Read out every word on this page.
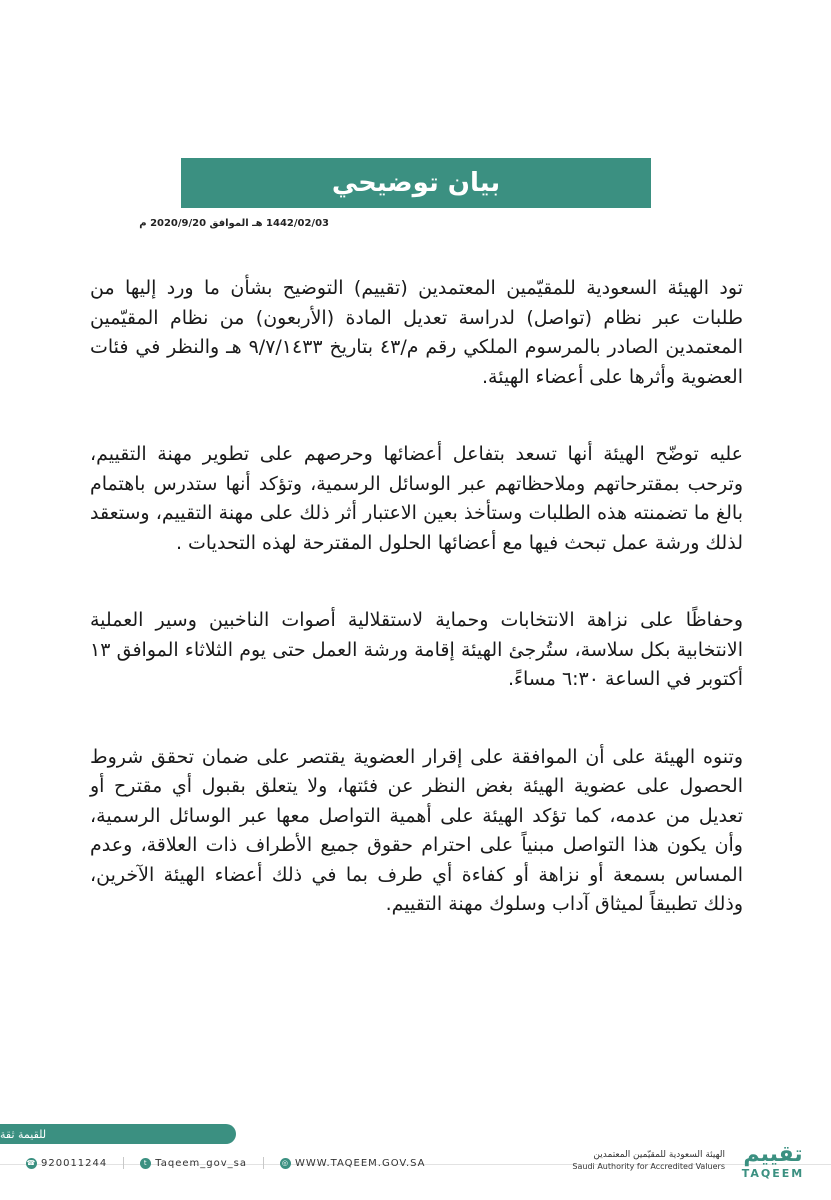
بيان توضيحي
1442/02/03 هـ الموافق 2020/9/20 م

تود الهيئة السعودية للمقيّمين المعتمدين (تقييم) التوضيح بشأن ما ورد إليها من طلبات عبر نظام (تواصل) لدراسة تعديل المادة (الأربعون) من نظام المقيّمين المعتمدين الصادر بالمرسوم الملكي رقم م/٤٣ بتاريخ ٩/٧/١٤٣٣ هـ والنظر في فئات العضوية وأثرها على أعضاء الهيئة.

عليه توضّح الهيئة أنها تسعد بتفاعل أعضائها وحرصهم على تطوير مهنة التقييم، وترحب بمقترحاتهم وملاحظاتهم عبر الوسائل الرسمية، وتؤكد أنها ستدرس باهتمام بالغ ما تضمنته هذه الطلبات وستأخذ بعين الاعتبار أثر ذلك على مهنة التقييم، وستعقد لذلك ورشة عمل تبحث فيها مع أعضائها الحلول المقترحة لهذه التحديات .

وحفاظًا على نزاهة الانتخابات وحماية لاستقلالية أصوات الناخبين وسير العملية الانتخابية بكل سلاسة، ستُرجئ الهيئة إقامة ورشة العمل حتى يوم الثلاثاء الموافق ١٣ أكتوبر في الساعة ٦:٣٠ مساءً.

وتنوه الهيئة على أن الموافقة على إقرار العضوية يقتصر على ضمان تحقق شروط الحصول على عضوية الهيئة بغض النظر عن فئتها، ولا يتعلق بقبول أي مقترح أو تعديل من عدمه، كما تؤكد الهيئة على أهمية التواصل معها عبر الوسائل الرسمية، وأن يكون هذا التواصل مبنياً على احترام حقوق جميع الأطراف ذات العلاقة، وعدم المساس بسمعة أو نزاهة أو كفاءة أي طرف بما في ذلك أعضاء الهيئة الآخرين، وذلك تطبيقاً لميثاق آداب وسلوك مهنة التقييم.

للقيمة ثقة
☎ 920011244	t Taqeem_gov_sa	◎ WWW.TAQEEM.GOV.SA
الهيئة السعودية للمقيّمين المعتمدين
Saudi Authority for Accredited Valuers تقييم
TAQEEM
